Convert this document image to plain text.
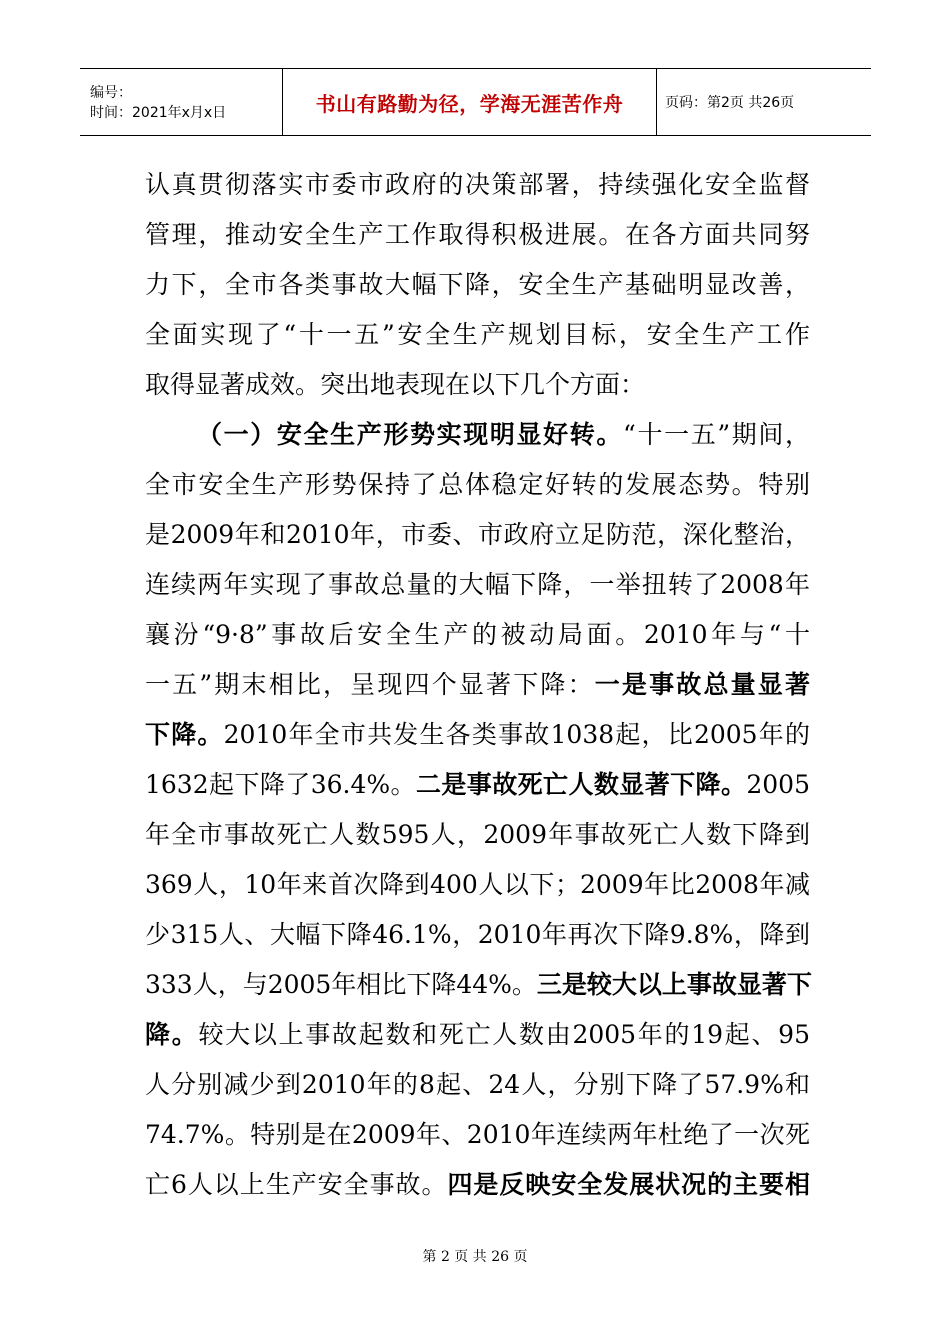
编号：
时间：2021年x月x日	书山有路勤为径，学海无涯苦作舟	页码：第2页 共26页

认真贯彻落实市委市政府的决策部署，持续强化安全监督

管理，推动安全生产工作取得积极进展。在各方面共同努

力下，全市各类事故大幅下降，安全生产基础明显改善，

全面实现了“十一五”安全生产规划目标，安全生产工作

取得显著成效。突出地表现在以下几个方面：

（一）安全生产形势实现明显好转。“十一五”期间，

全市安全生产形势保持了总体稳定好转的发展态势。特别

是2009年和2010年，市委、市政府立足防范，深化整治，

连续两年实现了事故总量的大幅下降，一举扭转了2008年

襄汾“9·8”事故后安全生产的被动局面。2010年与“十

一五”期末相比，呈现四个显著下降：一是事故总量显著

下降。2010年全市共发生各类事故1038起，比2005年的

1632起下降了36.4%。二是事故死亡人数显著下降。2005

年全市事故死亡人数595人，2009年事故死亡人数下降到

369人，10年来首次降到400人以下；2009年比2008年减

少315人、大幅下降46.1%，2010年再次下降9.8%，降到

333人，与2005年相比下降44%。三是较大以上事故显著下

降。较大以上事故起数和死亡人数由2005年的19起、95

人分别减少到2010年的8起、24人，分别下降了57.9%和

74.7%。特别是在2009年、2010年连续两年杜绝了一次死

亡6人以上生产安全事故。四是反映安全发展状况的主要相

第 2 页 共 26 页
